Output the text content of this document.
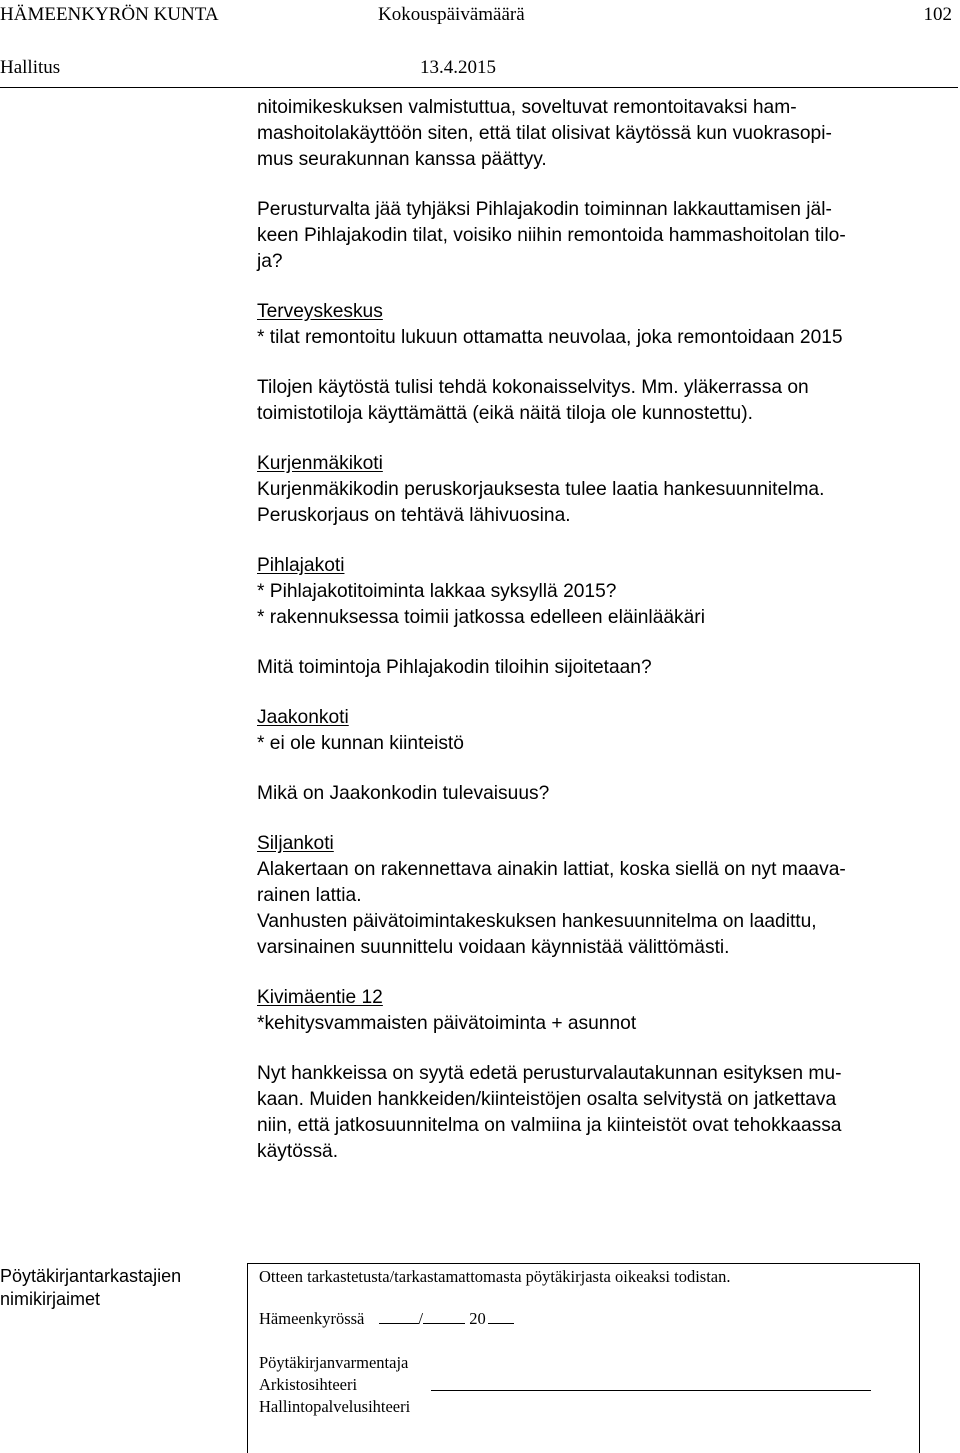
HÄMEENKYRÖN KUNTA	Kokouspäivämäärä	102
Hallitus	13.4.2015
nitoimikeskuksen valmistuttua, soveltuvat remontoitavaksi ham-
mashoitolakäyttöön siten, että tilat olisivat käytössä kun vuokrasopi-
mus seurakunnan kanssa päättyy.
Perusturvalta jää tyhjäksi Pihlajakodin toiminnan lakkauttamisen jäl-
keen Pihlajakodin tilat, voisiko niihin remontoida hammashoitolan tilo-
ja?
Terveyskeskus
* tilat remontoitu lukuun ottamatta neuvolaa, joka remontoidaan 2015
Tilojen käytöstä tulisi tehdä kokonaisselvitys. Mm. yläkerrassa on
toimistotiloja käyttämättä (eikä näitä tiloja ole kunnostettu).
Kurjenmäkikoti
Kurjenmäkikodin peruskorjauksesta tulee laatia hankesuunnitelma.
Peruskorjaus on tehtävä lähivuosina.
Pihlajakoti
* Pihlajakotitoiminta lakkaa syksyllä 2015?
* rakennuksessa toimii jatkossa edelleen eläinlääkäri
Mitä toimintoja Pihlajakodin tiloihin sijoitetaan?
Jaakonkoti
* ei ole kunnan kiinteistö
Mikä on Jaakonkodin tulevaisuus?
Siljankoti
Alakertaan on rakennettava ainakin lattiat, koska siellä on nyt maava-
rainen lattia.
Vanhusten päivätoimintakeskuksen hankesuunnitelma on laadittu,
varsinainen suunnittelu voidaan käynnistää välittömästi.
Kivimäentie 12
*kehitysvammaisten päivätoiminta + asunnot
Nyt hankkeissa on syytä edetä perusturvalautakunnan esityksen mu-
kaan. Muiden hankkeiden/kiinteistöjen osalta selvitystä on jatkettava
niin, että jatkosuunnitelma on valmiina ja kiinteistöt ovat tehokkaassa
käytössä.
Pöytäkirjantarkastajien
nimikirjaimet
Otteen tarkastetusta/tarkastamattomasta pöytäkirjasta oikeaksi todistan.
Hämeenkyrössä	/	20
Pöytäkirjanvarmentaja
Arkistosihteeri
Hallintopalvelusihteeri
